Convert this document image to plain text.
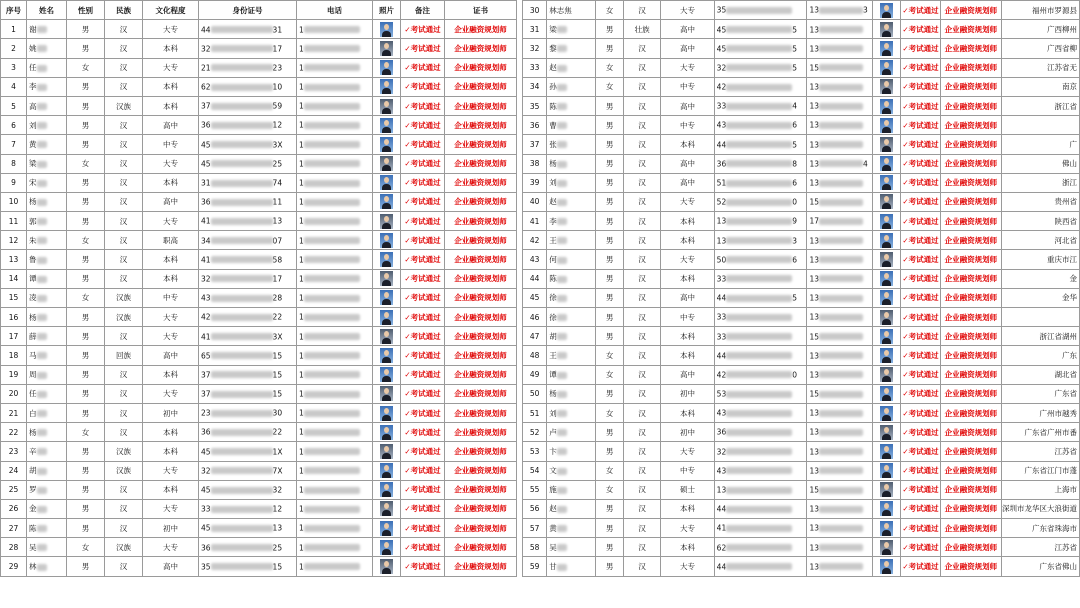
序号	姓名	性别	民族	文化程度	身份证号	电话	照片	备注	证书
1	谢	男	汉	大专	44 31	1		✓考试通过	企业融资规划师
2	姚	男	汉	本科	32 17	1		✓考试通过	企业融资规划师
3	任	女	汉	大专	21 23	1		✓考试通过	企业融资规划师
4	李	男	汉	本科	62 10	1		✓考试通过	企业融资规划师
5	高	男	汉族	本科	37 59	1		✓考试通过	企业融资规划师
6	刘	男	汉	高中	36 12	1		✓考试通过	企业融资规划师
7	黄	男	汉	中专	45 3X	1		✓考试通过	企业融资规划师
8	梁	女	汉	大专	45 25	1		✓考试通过	企业融资规划师
9	宋	男	汉	本科	31 74	1		✓考试通过	企业融资规划师
10	杨	男	汉	高中	36 11	1		✓考试通过	企业融资规划师
11	郭	男	汉	大专	41 13	1		✓考试通过	企业融资规划师
12	朱	女	汉	职高	34 07	1		✓考试通过	企业融资规划师
13	鲁	男	汉	本科	41 58	1		✓考试通过	企业融资规划师
14	谭	男	汉	本科	32 17	1		✓考试通过	企业融资规划师
15	凌	女	汉族	中专	43 28	1		✓考试通过	企业融资规划师
16	杨	男	汉族	大专	42 22	1		✓考试通过	企业融资规划师
17	薛	男	汉	大专	41 3X	1		✓考试通过	企业融资规划师
18	马	男	回族	高中	65 15	1		✓考试通过	企业融资规划师
19	周	男	汉	本科	37 15	1		✓考试通过	企业融资规划师
20	任	男	汉	大专	37 15	1		✓考试通过	企业融资规划师
21	白	男	汉	初中	23 30	1		✓考试通过	企业融资规划师
22	杨	女	汉	本科	36 22	1		✓考试通过	企业融资规划师
23	辛	男	汉族	本科	45 1X	1		✓考试通过	企业融资规划师
24	胡	男	汉族	大专	32 7X	1		✓考试通过	企业融资规划师
25	罗	男	汉	本科	45 32	1		✓考试通过	企业融资规划师
26	金	男	汉	大专	33 12	1		✓考试通过	企业融资规划师
27	陈	男	汉	初中	45 13	1		✓考试通过	企业融资规划师
28	吴	女	汉族	大专	36 25	1		✓考试通过	企业融资规划师
29	林	男	汉	高中	35 15	1		✓考试通过	企业融资规划师
30	林志焦	女	汉	大专	35	13 3		✓考试通过	企业融资规划师	福州市罗源县
31	梁	男	壮族	高中	45 5	13		✓考试通过	企业融资规划师	广西柳州
32	黎	男	汉	高中	45 5	13		✓考试通过	企业融资规划师	广西省柳
33	赵	女	汉	大专	32 5	15		✓考试通过	企业融资规划师	江苏省无
34	孙	女	汉	中专	42	13		✓考试通过	企业融资规划师	南京
35	陈	男	汉	高中	33 4	13		✓考试通过	企业融资规划师	浙江省
36	曹	男	汉	中专	43 6	13		✓考试通过	企业融资规划师	
37	张	男	汉	本科	44 5	13		✓考试通过	企业融资规划师	广
38	杨	男	汉	高中	36 8	13 4		✓考试通过	企业融资规划师	佛山
39	刘	男	汉	高中	51 6	13		✓考试通过	企业融资规划师	浙江
40	赵	男	汉	大专	52 0	15		✓考试通过	企业融资规划师	贵州省
41	李	男	汉	本科	13 9	17		✓考试通过	企业融资规划师	陕西省
42	王	男	汉	本科	13 3	13		✓考试通过	企业融资规划师	河北省
43	何	男	汉	大专	50 6	13		✓考试通过	企业融资规划师	重庆市江
44	陈	男	汉	本科	33	13		✓考试通过	企业融资规划师	金
45	徐	男	汉	高中	44 5	13		✓考试通过	企业融资规划师	金华
46	徐	男	汉	中专	33	13		✓考试通过	企业融资规划师	
47	胡	男	汉	本科	33	15		✓考试通过	企业融资规划师	浙江省湖州
48	王	女	汉	本科	44	13		✓考试通过	企业融资规划师	广东
49	谭	女	汉	高中	42 0	13		✓考试通过	企业融资规划师	湖北省
50	杨	男	汉	初中	53	15		✓考试通过	企业融资规划师	广东省
51	刘	女	汉	本科	43	13		✓考试通过	企业融资规划师	广州市越秀
52	卢	男	汉	初中	36	13		✓考试通过	企业融资规划师	广东省广州市番
53	卞	男	汉	大专	32	13		✓考试通过	企业融资规划师	江苏省
54	文	女	汉	中专	43	13		✓考试通过	企业融资规划师	广东省江门市蓬
55	施	女	汉	硕士	13	15		✓考试通过	企业融资规划师	上海市
56	赵	男	汉	本科	44	13		✓考试通过	企业融资规划师	深圳市龙华区大浪街道
57	黄	男	汉	大专	41	13		✓考试通过	企业融资规划师	广东省珠海市
58	吴	男	汉	本科	62	13		✓考试通过	企业融资规划师	江苏省
59	甘	男	汉	大专	44	13		✓考试通过	企业融资规划师	广东省佛山
